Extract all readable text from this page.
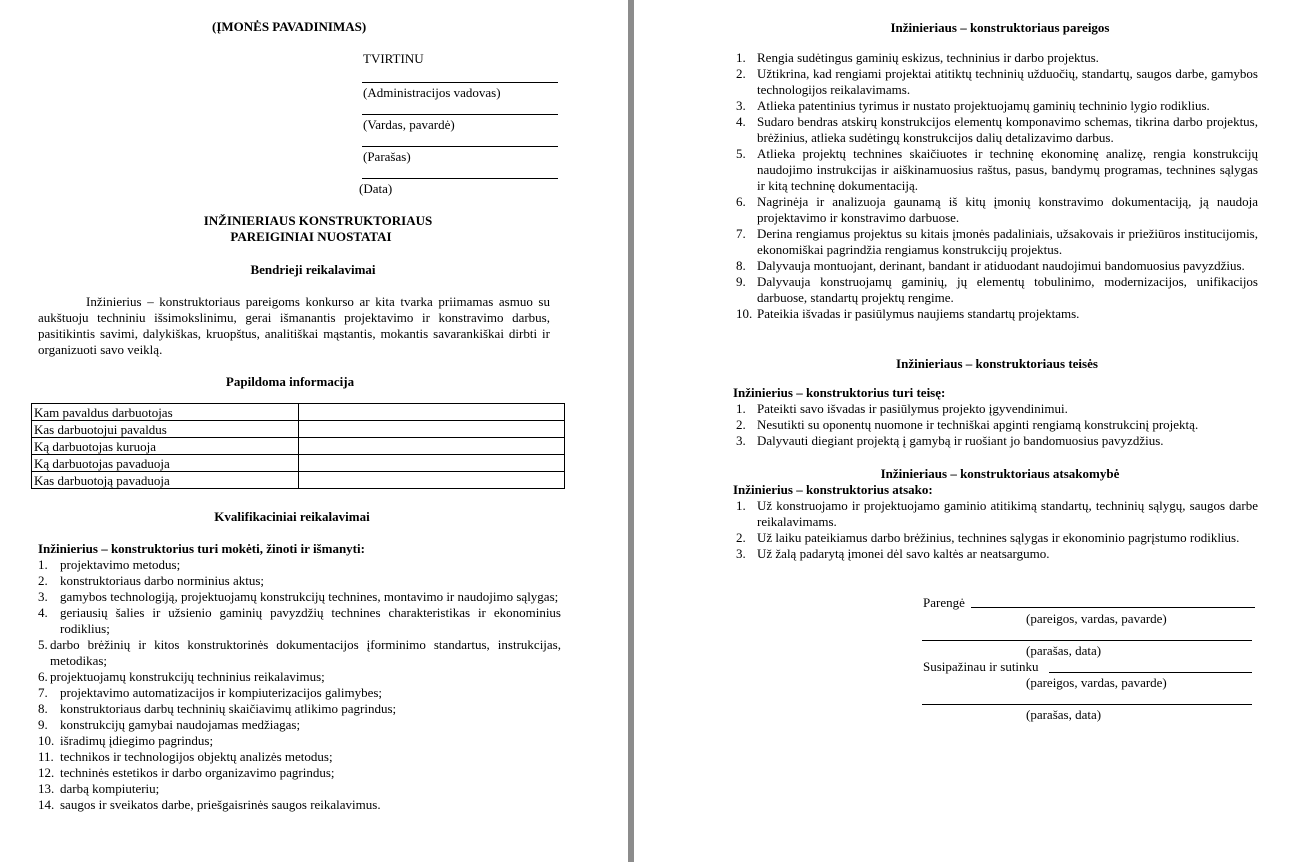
(ĮMONĖS PAVADINIMAS)
TVIRTINU
(Administracijos vadovas)
(Vardas, pavardė)
(Parašas)
(Data)
INŽINIERIAUS KONSTRUKTORIAUS
PAREIGINIAI NUOSTATAI
Bendrieji reikalavimai
Inžinierius – konstruktoriaus pareigoms konkurso ar kita tvarka priimamas asmuo su aukštuoju techniniu išsimokslinimu, gerai išmanantis projektavimo ir konstravimo darbus, pasitikintis savimi, dalykiškas, kruopštus, analitiškai mąstantis, mokantis savarankiškai dirbti ir organizuoti savo veiklą.
Papildoma informacija
Kam pavaldus darbuotojas	
Kas darbuotojui pavaldus	
Ką darbuotojas kuruoja	
Ką darbuotojas pavaduoja	
Kas darbuotoją pavaduoja	
Kvalifikaciniai reikalavimai
Inžinierius – konstruktorius turi mokėti, žinoti ir išmanyti:
1. projektavimo metodus;
2. konstruktoriaus darbo norminius aktus;
3. gamybos technologiją, projektuojamų konstrukcijų technines, montavimo ir naudojimo sąlygas;
4. geriausių šalies ir užsienio gaminių pavyzdžių technines charakteristikas ir ekonominius rodiklius;
5. darbo brėžinių ir kitos konstruktorinės dokumentacijos įforminimo standartus, instrukcijas, metodikas;
6. projektuojamų konstrukcijų techninius reikalavimus;
7. projektavimo automatizacijos ir kompiuterizacijos galimybes;
8. konstruktoriaus darbų techninių skaičiavimų atlikimo pagrindus;
9. konstrukcijų gamybai naudojamas medžiagas;
10. išradimų įdiegimo pagrindus;
11. technikos ir technologijos objektų analizės metodus;
12. techninės estetikos ir darbo organizavimo pagrindus;
13. darbą kompiuteriu;
14. saugos ir sveikatos darbe, priešgaisrinės saugos reikalavimus.
Inžinieriaus – konstruktoriaus pareigos
1. Rengia sudėtingus gaminių eskizus, techninius ir darbo projektus.
2. Užtikrina, kad rengiami projektai atitiktų techninių užduočių, standartų, saugos darbe, gamybos technologijos reikalavimams.
3. Atlieka patentinius tyrimus ir nustato projektuojamų gaminių techninio lygio rodiklius.
4. Sudaro bendras atskirų konstrukcijos elementų komponavimo schemas, tikrina darbo projektus, brėžinius, atlieka sudėtingų konstrukcijos dalių detalizavimo darbus.
5. Atlieka projektų technines skaičiuotes ir techninę ekonominę analizę, rengia konstrukcijų naudojimo instrukcijas ir aiškinamuosius raštus, pasus, bandymų programas, technines sąlygas ir kitą techninę dokumentaciją.
6. Nagrinėja ir analizuoja gaunamą iš kitų įmonių konstravimo dokumentaciją, ją naudoja projektavimo ir konstravimo darbuose.
7. Derina rengiamus projektus su kitais įmonės padaliniais, užsakovais ir priežiūros institucijomis, ekonomiškai pagrindžia rengiamus konstrukcijų projektus.
8. Dalyvauja montuojant, derinant, bandant ir atiduodant naudojimui bandomuosius pavyzdžius.
9. Dalyvauja konstruojamų gaminių, jų elementų tobulinimo, modernizacijos, unifikacijos darbuose, standartų projektų rengime.
10. Pateikia išvadas ir pasiūlymus naujiems standartų projektams.
Inžinieriaus – konstruktoriaus teisės
Inžinierius – konstruktorius turi teisę:
1. Pateikti savo išvadas ir pasiūlymus projekto įgyvendinimui.
2. Nesutikti su oponentų nuomone ir techniškai apginti rengiamą konstrukcinį projektą.
3. Dalyvauti diegiant projektą į gamybą ir ruošiant jo bandomuosius pavyzdžius.
Inžinieriaus – konstruktoriaus atsakomybė
Inžinierius – konstruktorius atsako:
1. Už konstruojamo ir projektuojamo gaminio atitikimą standartų, techninių sąlygų, saugos darbe reikalavimams.
2. Už laiku pateikiamus darbo brėžinius, technines sąlygas ir ekonominio pagrįstumo rodiklius.
3. Už žalą padarytą įmonei dėl savo kaltės ar neatsargumo.
Parengė
(pareigos, vardas, pavarde)
(parašas, data)
Susipažinau ir sutinku
(pareigos, vardas, pavarde)
(parašas, data)
